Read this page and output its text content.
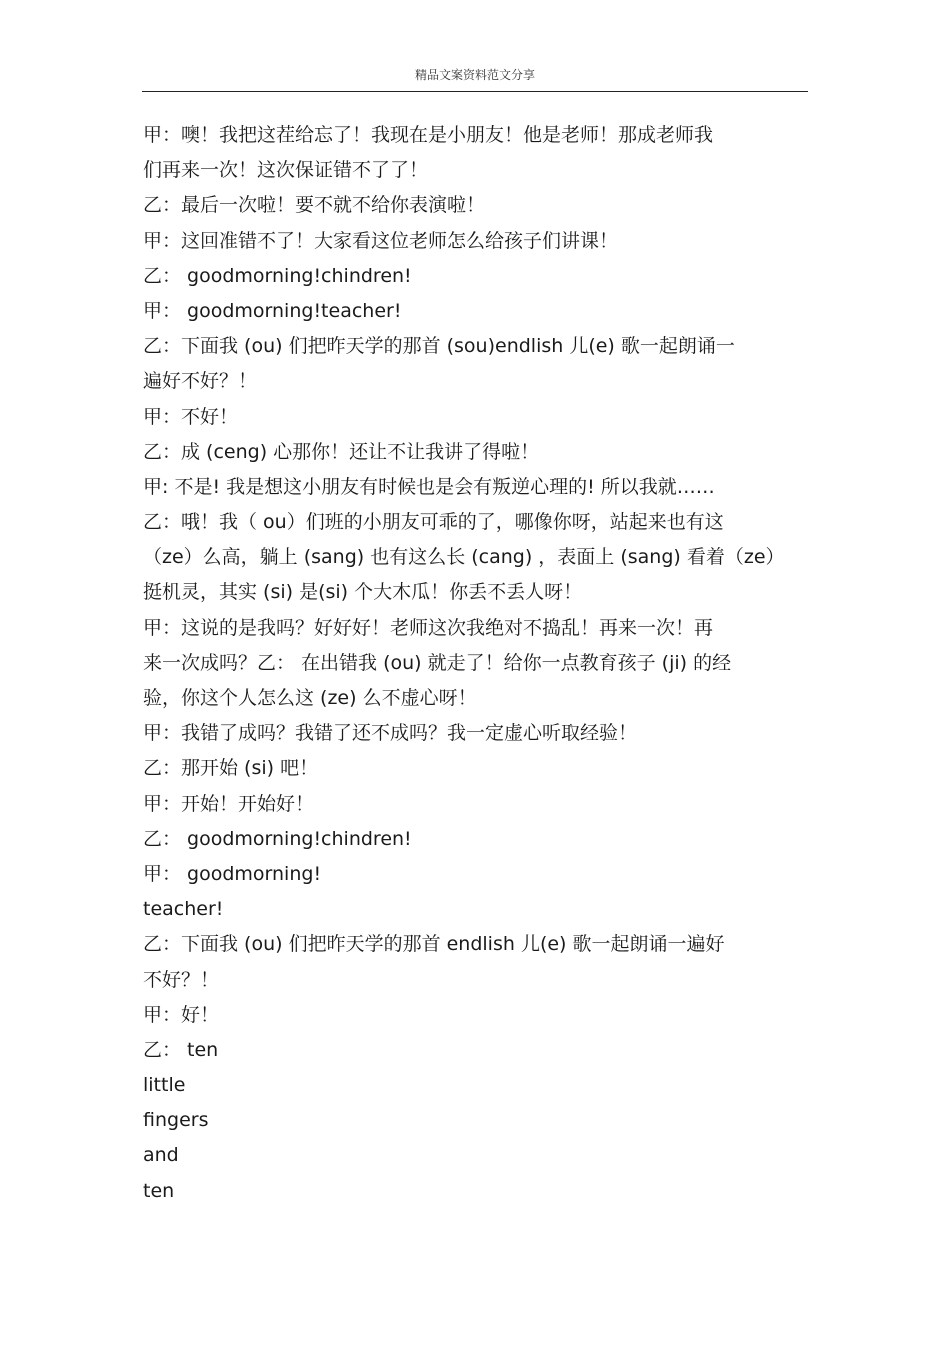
精品文案资料范文分享
甲：噢！我把这茬给忘了！我现在是小朋友！他是老师！那成老师我
们再来一次！这次保证错不了了！
乙：最后一次啦！要不就不给你表演啦！
甲：这回准错不了！大家看这位老师怎么给孩子们讲课！
乙： goodmorning!chindren!
甲： goodmorning!teacher!
乙：下面我 (ou) 们把昨天学的那首 (sou)endlish 儿(e) 歌一起朗诵一
遍好不好？！
甲：不好！
乙：成 (ceng) 心那你！还让不让我讲了得啦！
甲: 不是! 我是想这小朋友有时候也是会有叛逆心理的! 所以我就……
乙：哦！我（ ou）们班的小朋友可乖的了，哪像你呀，站起来也有这
（ze）么高，躺上 (sang) 也有这么长 (cang) ，表面上 (sang) 看着（ze）
挺机灵，其实 (si) 是(si) 个大木瓜！你丢不丢人呀！
甲：这说的是我吗？好好好！老师这次我绝对不捣乱！再来一次！再
来一次成吗？乙： 在出错我 (ou) 就走了！给你一点教育孩子 (ji) 的经
验，你这个人怎么这 (ze) 么不虚心呀！
甲：我错了成吗？我错了还不成吗？我一定虚心听取经验！
乙：那开始 (si) 吧！
甲：开始！开始好！
乙： goodmorning!chindren!
甲： goodmorning!
teacher!
乙：下面我 (ou) 们把昨天学的那首 endlish 儿(e) 歌一起朗诵一遍好
不好？！
甲：好！
乙： ten
little
fingers
and
ten
